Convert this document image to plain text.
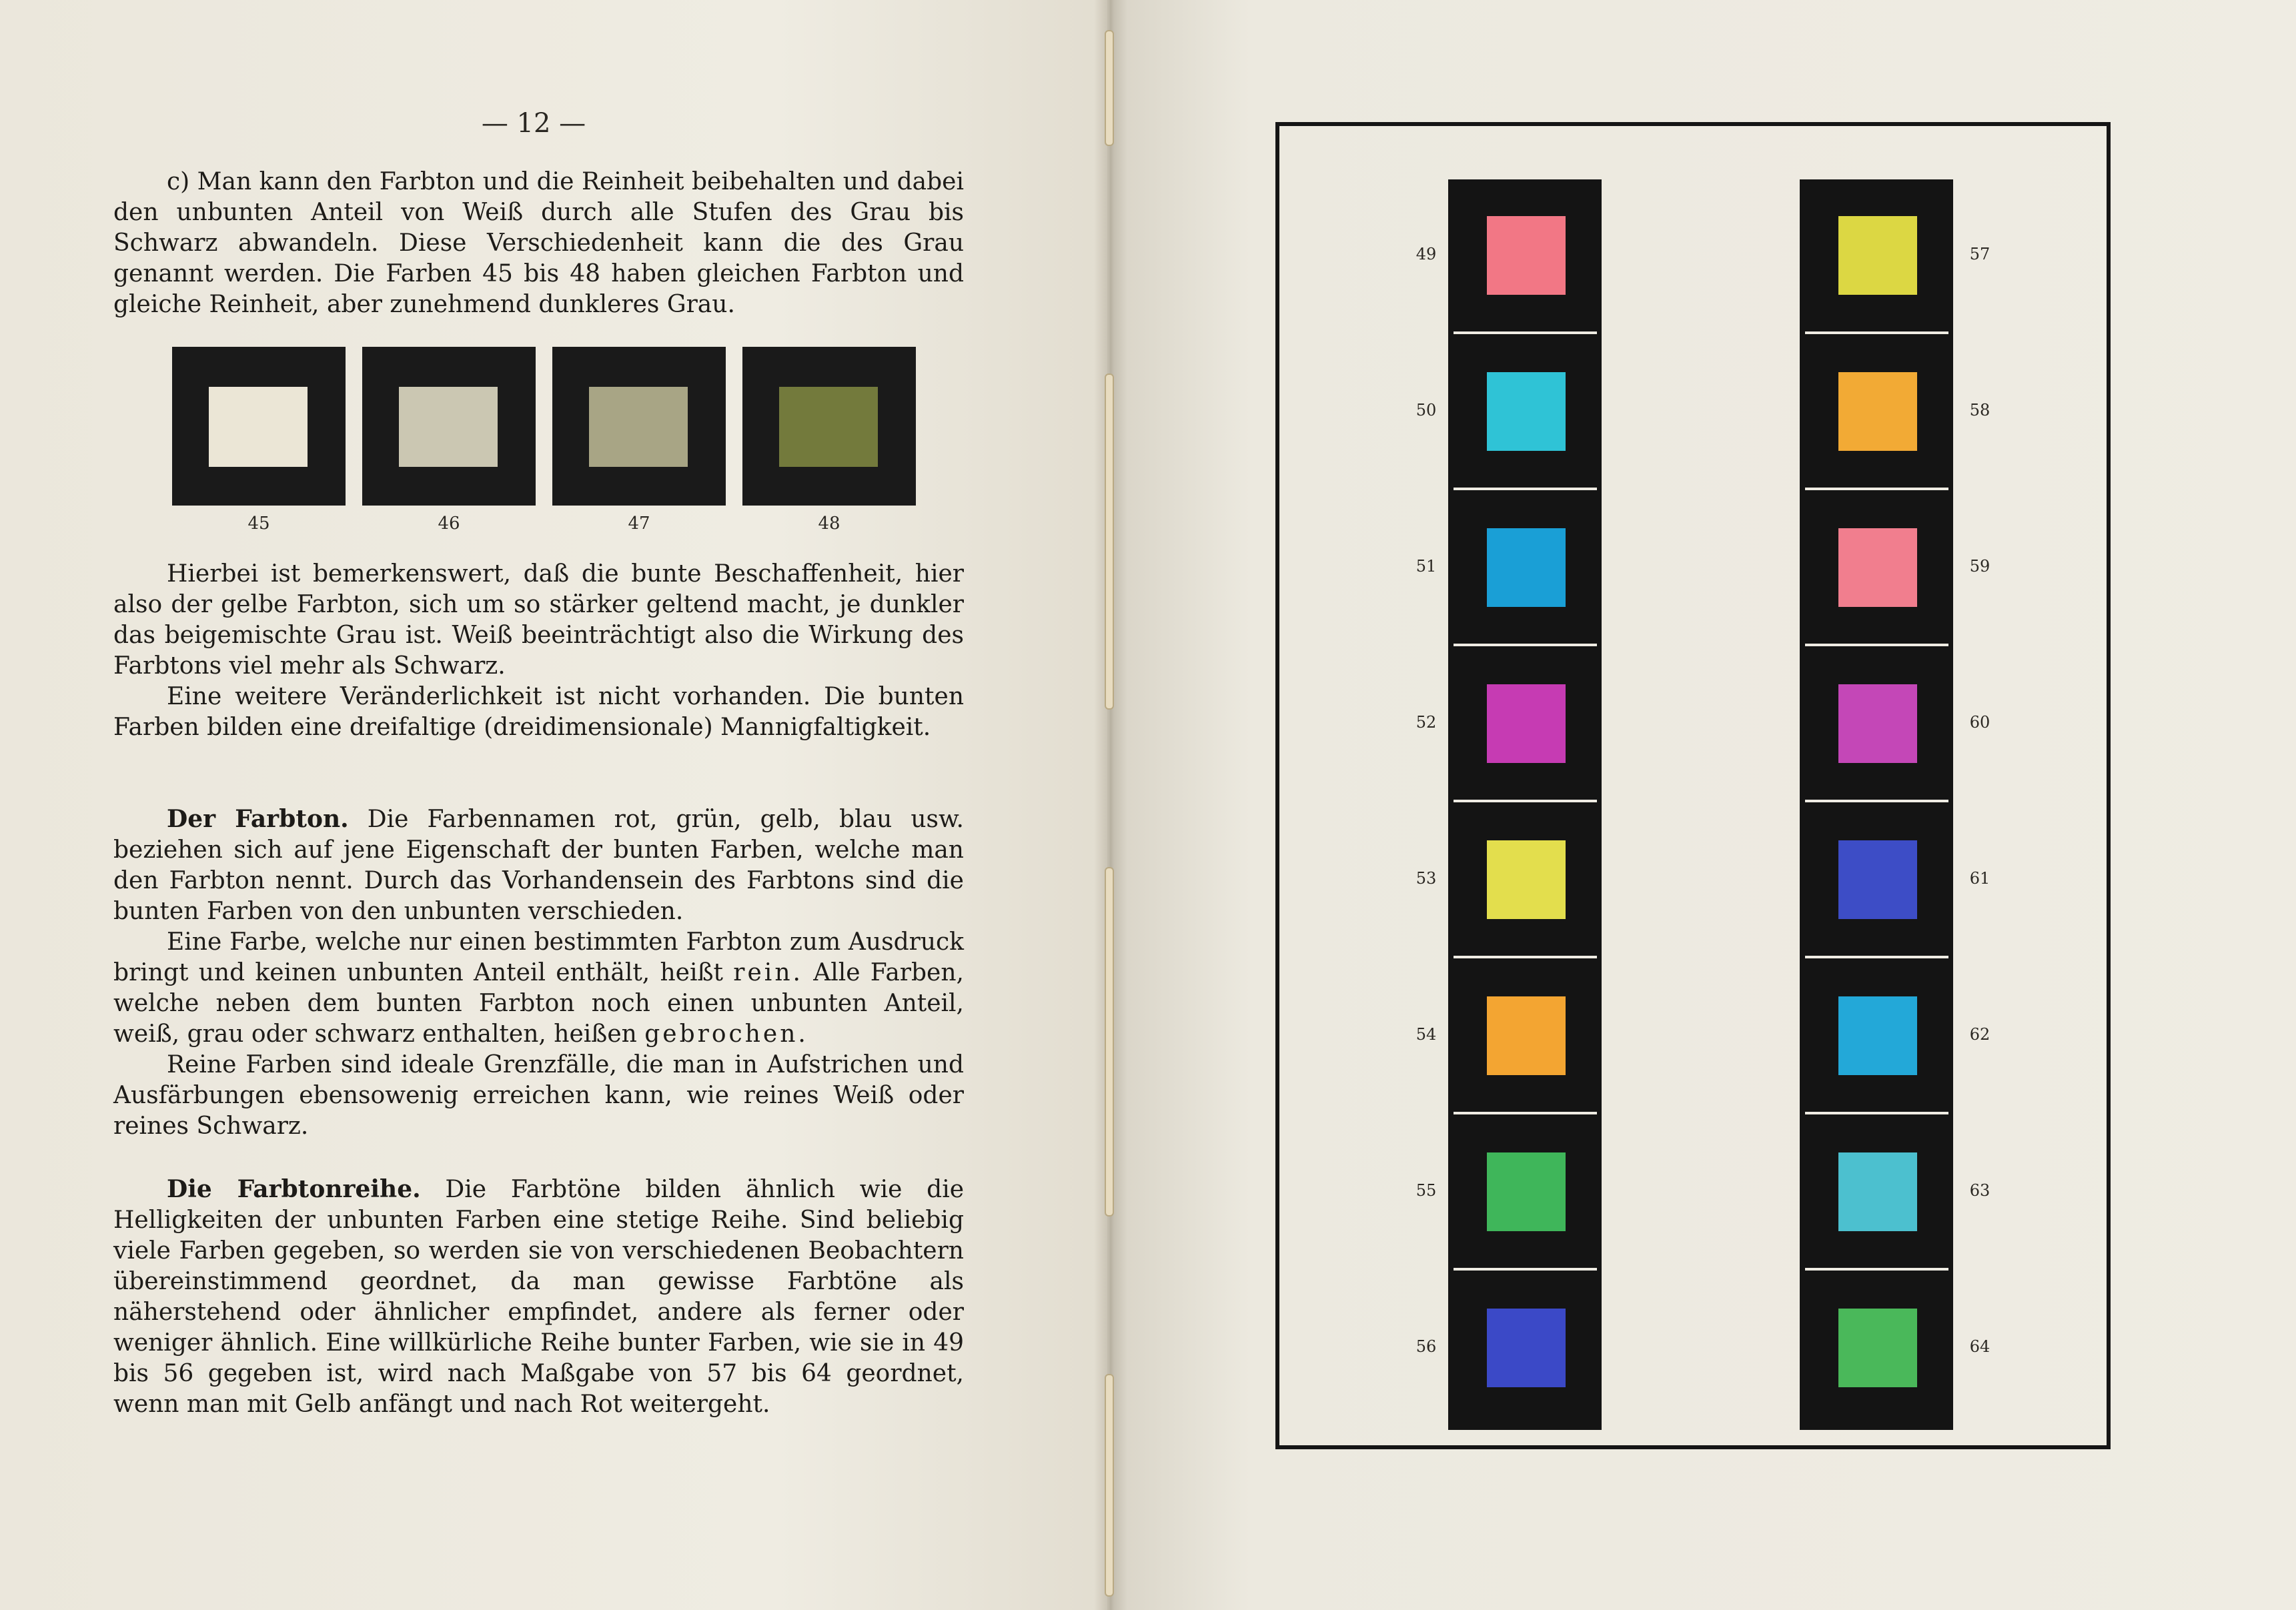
— 12 —

c) Man kann den Farbton und die Reinheit beibehalten und dabei den unbunten Anteil von Weiß durch alle Stufen des Grau bis Schwarz abwandeln. Diese Verschiedenheit kann die des Grau genannt werden. Die Farben 45 bis 48 haben gleichen Farbton und gleiche Reinheit, aber zunehmend dunkleres Grau.

45	46	47	48

Hierbei ist bemerkenswert, daß die bunte Beschaffenheit, hier also der gelbe Farbton, sich um so stärker geltend macht, je dunkler das beigemischte Grau ist. Weiß beeinträchtigt also die Wirkung des Farbtons viel mehr als Schwarz.

Eine weitere Veränderlichkeit ist nicht vorhanden. Die bunten Farben bilden eine dreifaltige (dreidimensionale) Mannigfaltigkeit.

Der Farbton. Die Farbennamen rot, grün, gelb, blau usw. beziehen sich auf jene Eigenschaft der bunten Farben, welche man den Farbton nennt. Durch das Vorhandensein des Farbtons sind die bunten Farben von den unbunten verschieden.

Eine Farbe, welche nur einen bestimmten Farbton zum Ausdruck bringt und keinen unbunten Anteil enthält, heißt rein. Alle Farben, welche neben dem bunten Farbton noch einen unbunten Anteil, weiß, grau oder schwarz enthalten, heißen gebrochen.

Reine Farben sind ideale Grenzfälle, die man in Aufstrichen und Ausfärbungen ebensowenig erreichen kann, wie reines Weiß oder reines Schwarz.

Die Farbtonreihe. Die Farbtöne bilden ähnlich wie die Helligkeiten der unbunten Farben eine stetige Reihe. Sind beliebig viele Farben gegeben, so werden sie von verschiedenen Beobachtern übereinstimmend geordnet, da man gewisse Farbtöne als näherstehend oder ähnlicher empfindet, andere als ferner oder weniger ähnlich. Eine willkürliche Reihe bunter Farben, wie sie in 49 bis 56 gegeben ist, wird nach Maßgabe von 57 bis 64 geordnet, wenn man mit Gelb anfängt und nach Rot weitergeht.

49
50
51
52
53
54
55
56
57
58
59
60
61
62
63
64
